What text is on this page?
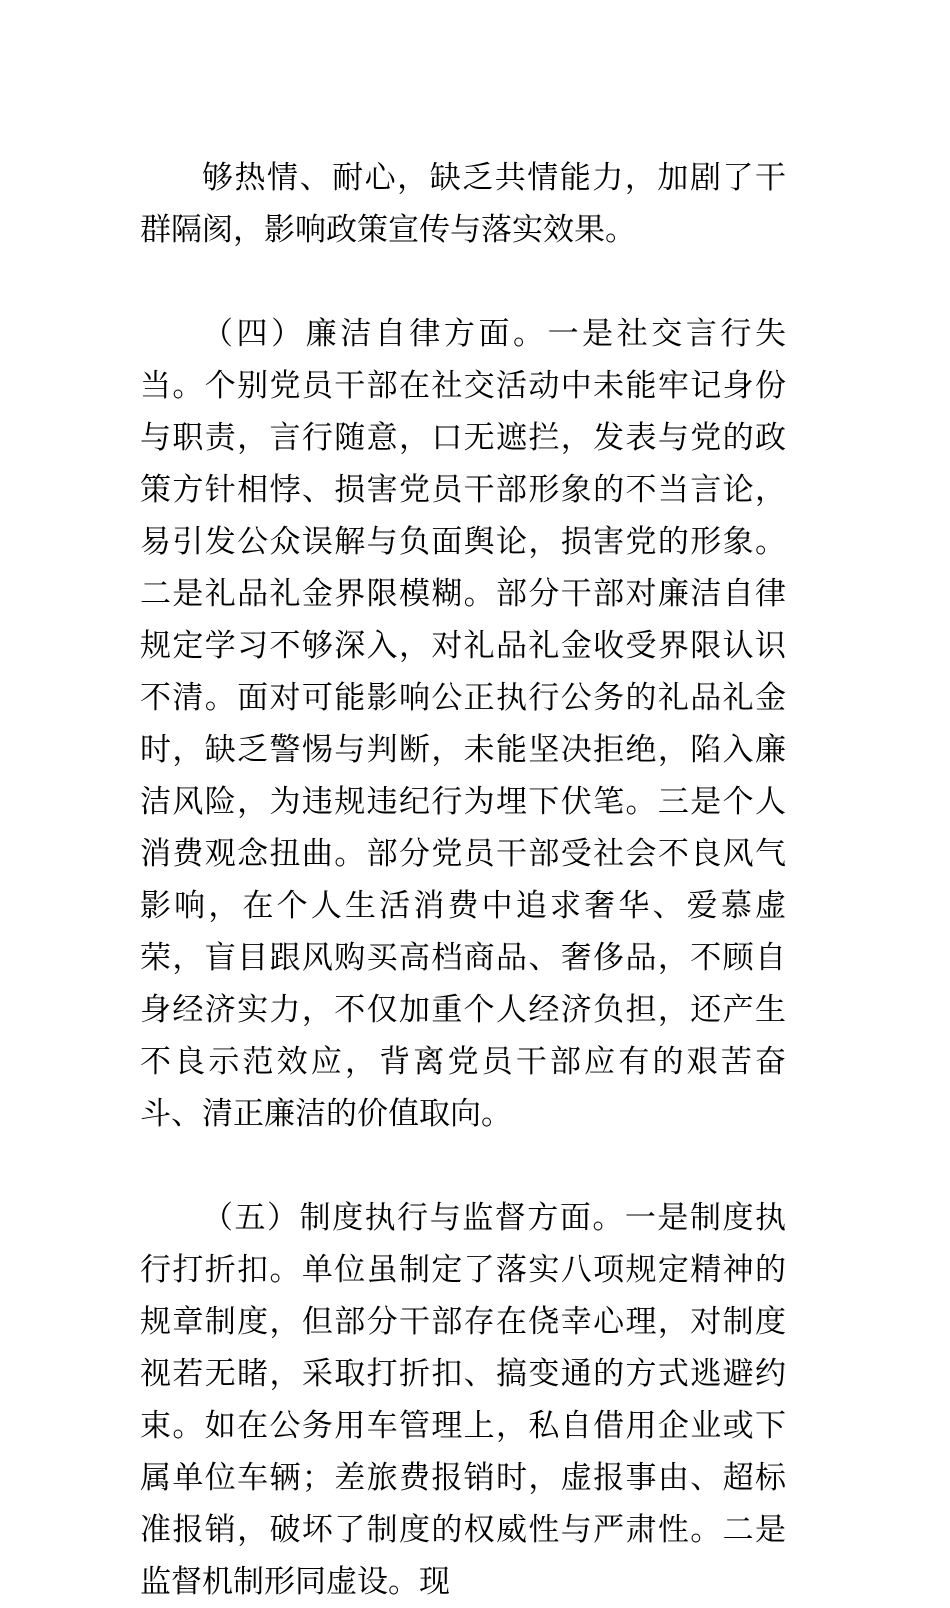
够热情、耐心，缺乏共情能力，加剧了干群隔阂，影响政策宣传与落实效果。

（四）廉洁自律方面。一是社交言行失当。个别党员干部在社交活动中未能牢记身份与职责，言行随意，口无遮拦，发表与党的政策方针相悖、损害党员干部形象的不当言论，易引发公众误解与负面舆论，损害党的形象。二是礼品礼金界限模糊。部分干部对廉洁自律规定学习不够深入，对礼品礼金收受界限认识不清。面对可能影响公正执行公务的礼品礼金时，缺乏警惕与判断，未能坚决拒绝，陷入廉洁风险，为违规违纪行为埋下伏笔。三是个人消费观念扭曲。部分党员干部受社会不良风气影响，在个人生活消费中追求奢华、爱慕虚荣，盲目跟风购买高档商品、奢侈品，不顾自身经济实力，不仅加重个人经济负担，还产生不良示范效应，背离党员干部应有的艰苦奋斗、清正廉洁的价值取向。

（五）制度执行与监督方面。一是制度执行打折扣。单位虽制定了落实八项规定精神的规章制度，但部分干部存在侥幸心理，对制度视若无睹，采取打折扣、搞变通的方式逃避约束。如在公务用车管理上，私自借用企业或下属单位车辆；差旅费报销时，虚报事由、超标准报销，破坏了制度的权威性与严肃性。二是监督机制形同虚设。现
